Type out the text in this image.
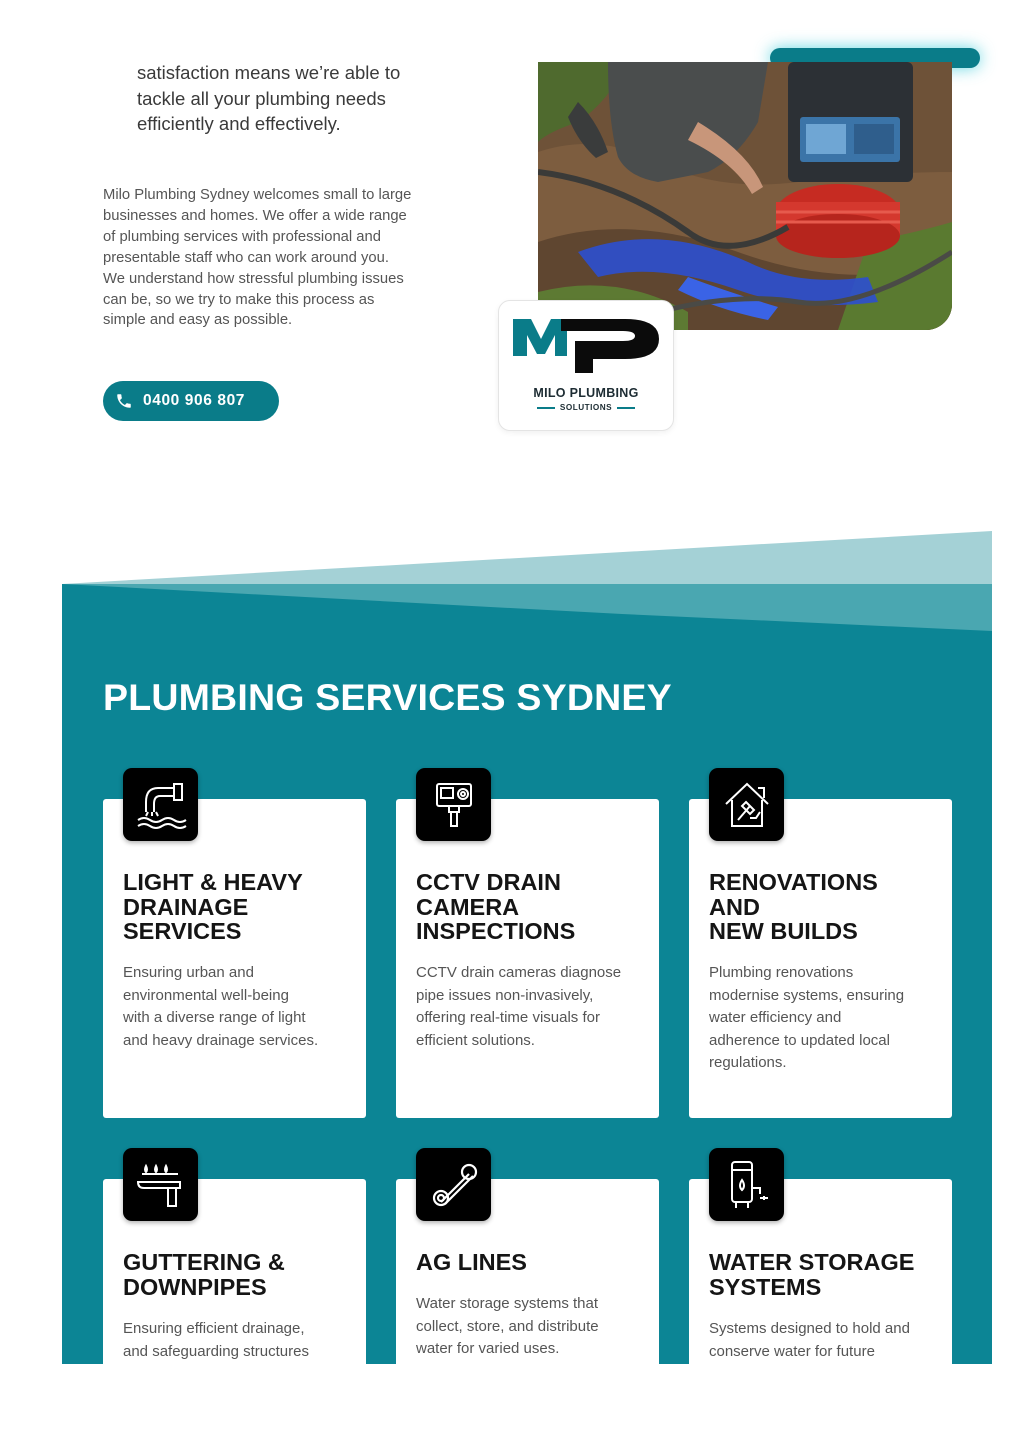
satisfaction means we’re able to
tackle all your plumbing needs
efficiently and effectively.
Milo Plumbing Sydney welcomes small to large
businesses and homes. We offer a wide range
of plumbing services with professional and
presentable staff who can work around you.
We understand how stressful plumbing issues
can be, so we try to make this process as
simple and easy as possible.
0400 906 807	MILO PLUMBING
SOLUTIONS
PLUMBING SERVICES SYDNEY
LIGHT & HEAVY
DRAINAGE
SERVICES
Ensuring urban and
environmental well-being
with a diverse range of light
and heavy drainage services.
CCTV DRAIN
CAMERA
INSPECTIONS
CCTV drain cameras diagnose
pipe issues non-invasively,
offering real-time visuals for
efficient solutions.
RENOVATIONS
AND
NEW BUILDS
Plumbing renovations
modernise systems, ensuring
water efficiency and
adherence to updated local
regulations.
GUTTERING &
DOWNPIPES
Ensuring efficient drainage,
and safeguarding structures
AG LINES
Water storage systems that
collect, store, and distribute
water for varied uses.
WATER STORAGE
SYSTEMS
Systems designed to hold and
conserve water for future
